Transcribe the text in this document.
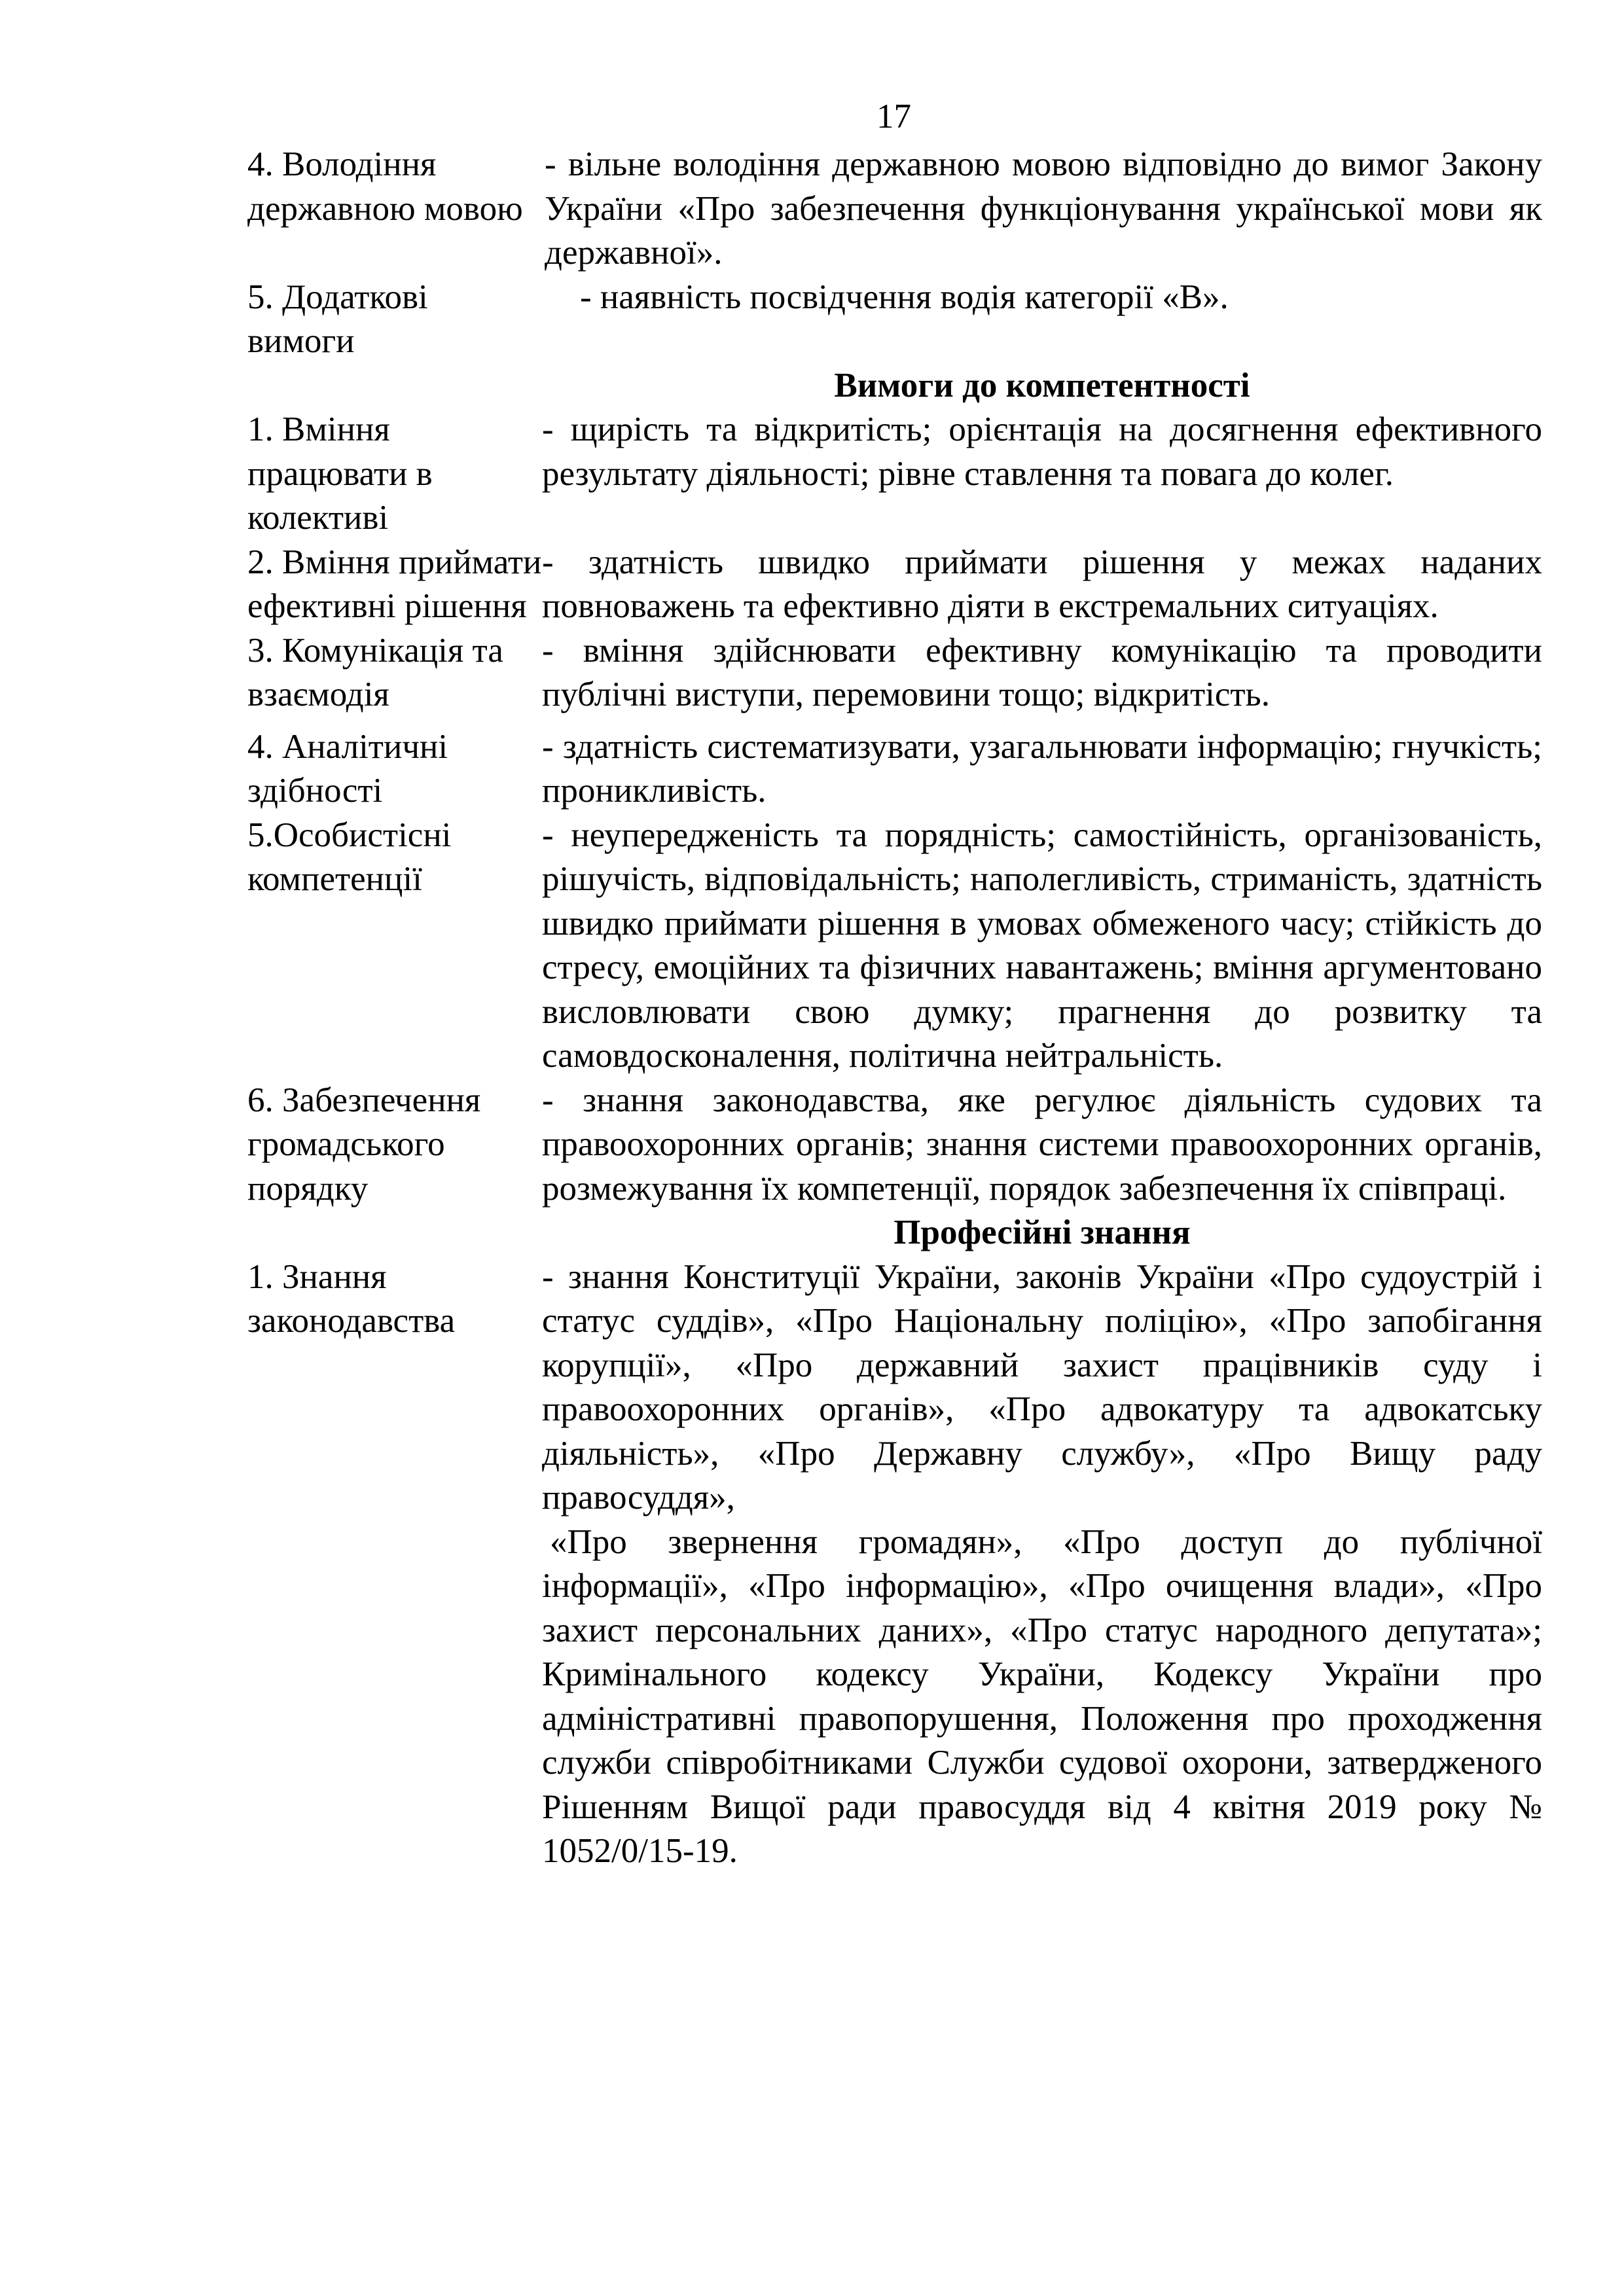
17
4. Володіння державною мовою	- вільне володіння державною мовою відповідно до вимог Закону України «Про забезпечення функціонування української мови як державної».
5. Додаткові вимоги	- наявність посвідчення водія категорії «В».
Вимоги до компетентності	
1. Вміння працювати в колективі	- щирість та відкритість; орієнтація на досягнення ефективного результату діяльності; рівне ставлення та повага до колег.
2. Вміння приймати ефективні рішення	- здатність швидко приймати рішення у межах наданих повноважень та ефективно діяти в екстремальних ситуаціях.
3. Комунікація та взаємодія	- вміння здійснювати ефективну комунікацію та проводити публічні виступи, перемовини тощо; відкритість.
4. Аналітичні здібності	- здатність систематизувати, узагальнювати інформацію; гнучкість; проникливість.
5.Особистісні компетенції	- неупередженість та порядність; самостійність, організованість, рішучість, відповідальність; наполегливість, стриманість, здатність швидко приймати рішення в умовах обмеженого часу; стійкість до стресу, емоційних та фізичних навантажень; вміння аргументовано висловлювати свою думку; прагнення до розвитку та самовдосконалення, політична нейтральність.
6. Забезпечення громадського порядку	- знання законодавства, яке регулює діяльність судових та правоохоронних органів; знання системи правоохоронних органів, розмежування їх компетенції, порядок забезпечення їх співпраці.
Професійні знання	
1. Знання законодавства	- знання Конституції України, законів України «Про судоустрій і статус суддів», «Про Національну поліцію», «Про запобігання корупції», «Про державний захист працівників суду і правоохоронних органів», «Про адвокатуру та адвокатську діяльність», «Про Державну службу», «Про Вищу раду правосуддя»,

«Про звернення громадян», «Про доступ до публічної інформації», «Про інформацію», «Про очищення влади», «Про захист персональних даних», «Про статус народного депутата»; Кримінального кодексу України, Кодексу України про адміністративні правопорушення, Положення про проходження служби співробітниками Служби судової охорони, затвердженого Рішенням Вищої ради правосуддя від 4 квітня 2019 року № 1052/0/15-19.
